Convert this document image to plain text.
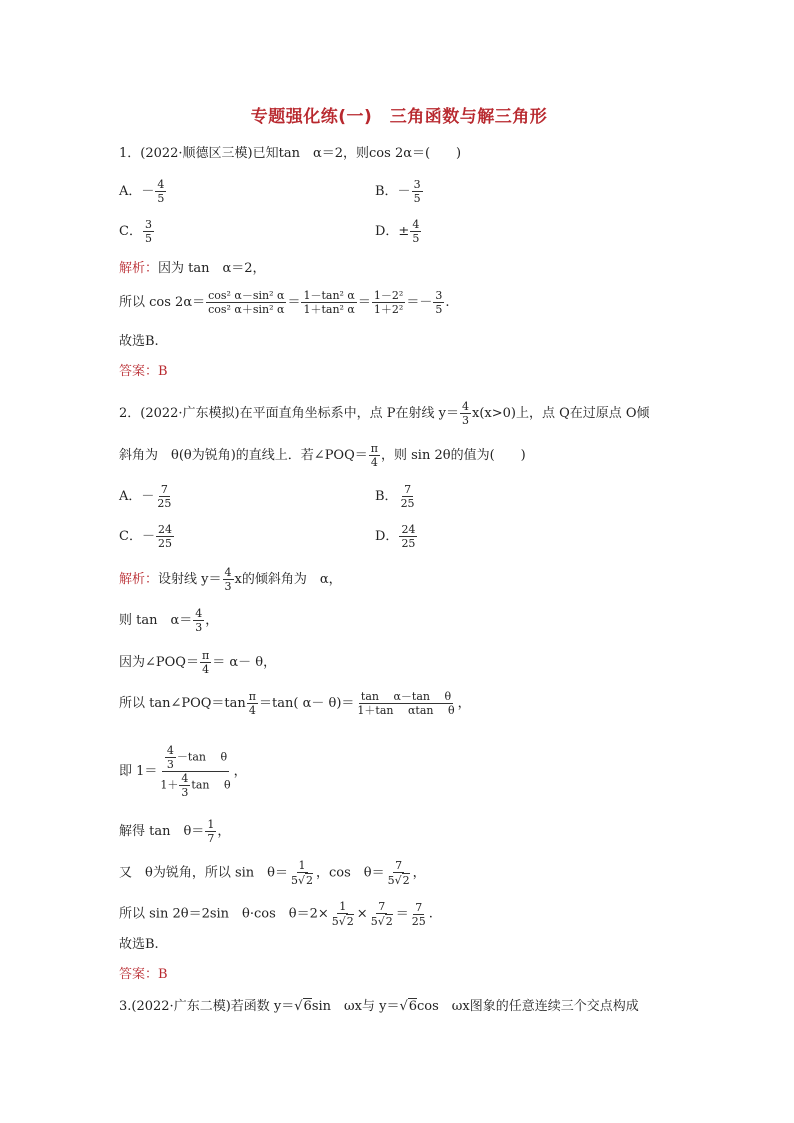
专题强化练(一)　三角函数与解三角形
1．(2022·顺德区三模)已知tan　α＝2，则cos 2α＝(　　)
A．－ $\frac{4}{5}$	B．－ $\frac{3}{5}$
C． $\frac{3}{5}$	D．± $\frac{4}{5}$
解析：因为 tan　α＝2，
所以 $\cos 2\alpha= \frac{\text{cos² α－sin² α}}{\text{cos² α＋sin² α}} = \frac{\text{1－tan² α}}{\text{1＋tan² α}} = \frac{\text{1－2²}}{\text{1＋2²}} =- \frac{3}{5}$ .
故选B.
答案：B
2．(2022·广东模拟)在平面直角坐标系中，点 P在射线 $y= \frac{4}{3} x(x>0)$上，点 Q在过原点 O倾
斜角为　θ(θ为锐角)的直线上．若∠POQ＝ $\frac{\pi}{4}$ ，则 sin 2θ的值为(　　)
A．－ $\frac{7}{25}$	B． $\frac{7}{25}$
C．－ $\frac{24}{25}$	D． $\frac{24}{25}$
解析：设射线 $y= \frac{4}{3}$ x的倾斜角为　α，
则 tan　$\alpha= \frac{4}{3}$ ，
因为∠POQ＝ $\frac{\pi}{4} = \alpha- \theta$，
所以 tan∠POQ＝tan $\frac{\pi}{4} =\tan$( $\alpha- \theta)= \frac{\text{tan　 α－tan　 θ}}{\text{1＋tan　 αtan　 θ}}$ ，
即 $1= \frac{\frac{4}{3} -\tan \theta}{1+ \frac{4}{3} \tan \theta}$ ，
解得 tan　$\theta= \frac{1}{7}$ ，
又　θ为锐角，所以 sin　$\theta= \frac{1}{5√2}$ ，cos　$\theta= \frac{7}{5√2}$ ，
所以 sin 2θ＝2sin　θ·cos　$\theta=2\times \frac{1}{5√2} \times \frac{7}{5√2} = \frac{7}{25}$ .
故选B.
答案：B
3.(2022·广东二模)若函数 y＝√6sin　ωx与 y＝√6cos　ωx图象的任意连续三个交点构成
